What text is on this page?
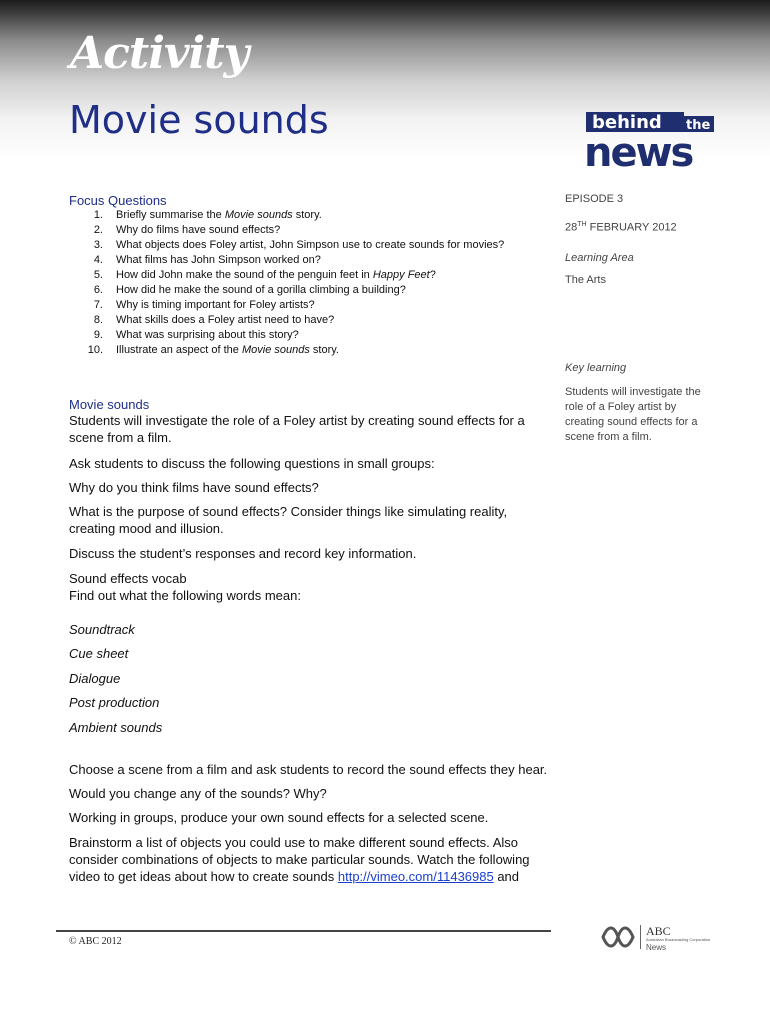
Activity
Movie sounds	behind the
news
EPISODE 3
28TH FEBRUARY 2012
Learning Area
The Arts
Key learning
Students will investigate the
role of a Foley artist by
creating sound effects for a
scene from a film.
Focus Questions
1.	Briefly summarise the Movie sounds story.
2.	Why do films have sound effects?
3.	What objects does Foley artist, John Simpson use to create sounds for movies?
4.	What films has John Simpson worked on?
5.	How did John make the sound of the penguin feet in Happy Feet?
6.	How did he make the sound of a gorilla climbing a building?
7.	Why is timing important for Foley artists?
8.	What skills does a Foley artist need to have?
9.	What was surprising about this story?
10.	Illustrate an aspect of the Movie sounds story.
Movie sounds
Students will investigate the role of a Foley artist by creating sound effects for a scene from a film.
Ask students to discuss the following questions in small groups:
Why do you think films have sound effects?
What is the purpose of sound effects? Consider things like simulating reality, creating mood and illusion.
Discuss the student’s responses and record key information.
Sound effects vocab
Find out what the following words mean:
Soundtrack
Cue sheet
Dialogue
Post production
Ambient sounds
Choose a scene from a film and ask students to record the sound effects they hear.
Would you change any of the sounds? Why?
Working in groups, produce your own sound effects for a selected scene.
Brainstorm a list of objects you could use to make different sound effects. Also consider combinations of objects to make particular sounds. Watch the following video to get ideas about how to create sounds http://vimeo.com/11436985 and
© ABC 2012
ABC
Australian Broadcasting Corporation
News
